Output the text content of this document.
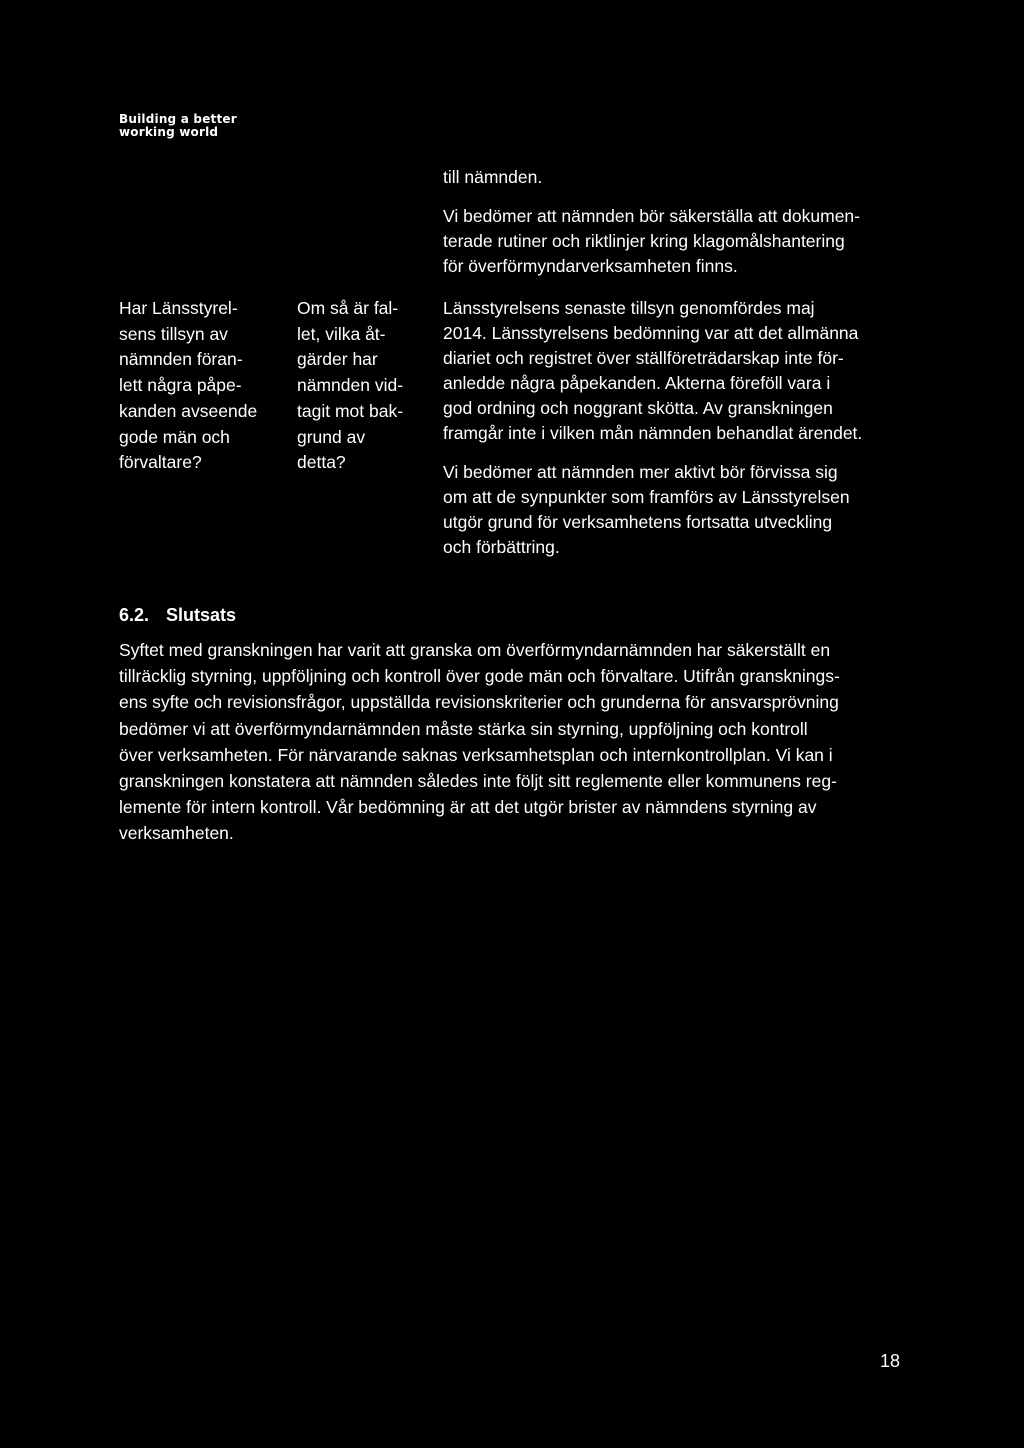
Building a better
working world

till nämnden.

Vi bedömer att nämnden bör säkerställa att dokumen-
terade rutiner och riktlinjer kring klagomålshantering
för överförmyndarverksamheten finns.

Har Länsstyrel-
sens tillsyn av
nämnden föran-
lett några påpe-
kanden avseende
gode män och
förvaltare?

Om så är fal-
let, vilka åt-
gärder har
nämnden vid-
tagit mot bak-
grund av
detta?

Länsstyrelsens senaste tillsyn genomfördes maj
2014. Länsstyrelsens bedömning var att det allmänna
diariet och registret över ställföreträdarskap inte för-
anledde några påpekanden. Akterna föreföll vara i
god ordning och noggrant skötta. Av granskningen
framgår inte i vilken mån nämnden behandlat ärendet.

Vi bedömer att nämnden mer aktivt bör förvissa sig
om att de synpunkter som framförs av Länsstyrelsen
utgör grund för verksamhetens fortsatta utveckling
och förbättring.

6.2. Slutsats

Syftet med granskningen har varit att granska om överförmyndarnämnden har säkerställt en
tillräcklig styrning, uppföljning och kontroll över gode män och förvaltare. Utifrån gransknings-
ens syfte och revisionsfrågor, uppställda revisionskriterier och grunderna för ansvarsprövning
bedömer vi att överförmyndarnämnden måste stärka sin styrning, uppföljning och kontroll
över verksamheten. För närvarande saknas verksamhetsplan och internkontrollplan. Vi kan i
granskningen konstatera att nämnden således inte följt sitt reglemente eller kommunens reg-
lemente för intern kontroll. Vår bedömning är att det utgör brister av nämndens styrning av
verksamheten.

18
